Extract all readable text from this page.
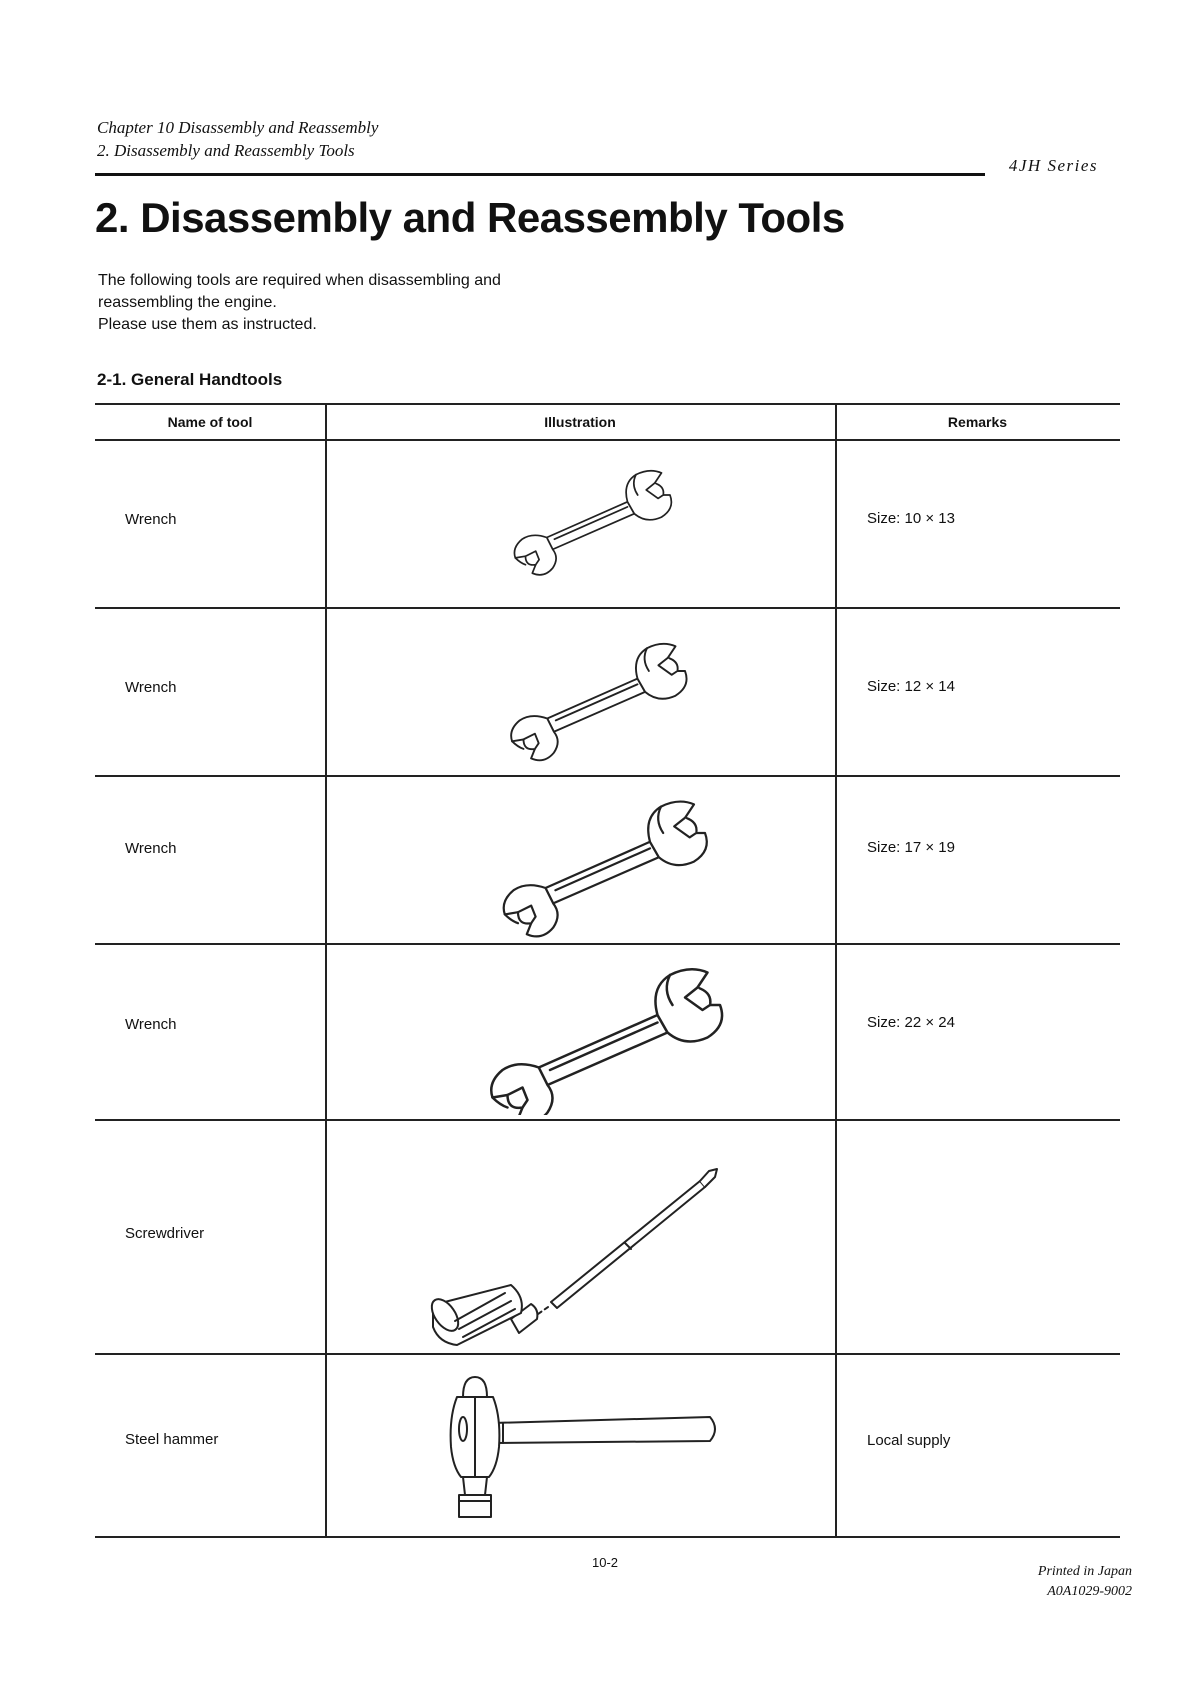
Chapter 10 Disassembly and Reassembly
2. Disassembly and Reassembly Tools
4JH Series
2. Disassembly and Reassembly Tools
The following tools are required when disassembling and
reassembling the engine.
Please use them as instructed.
2-1. General Handtools
Name of tool	Illustration	Remarks
Wrench	Size: 10 × 13
Wrench	Size: 12 × 14
Wrench	Size: 17 × 19
Wrench	Size: 22 × 24
Screwdriver
Steel hammer	Local supply
10-2
Printed in Japan
A0A1029-9002
